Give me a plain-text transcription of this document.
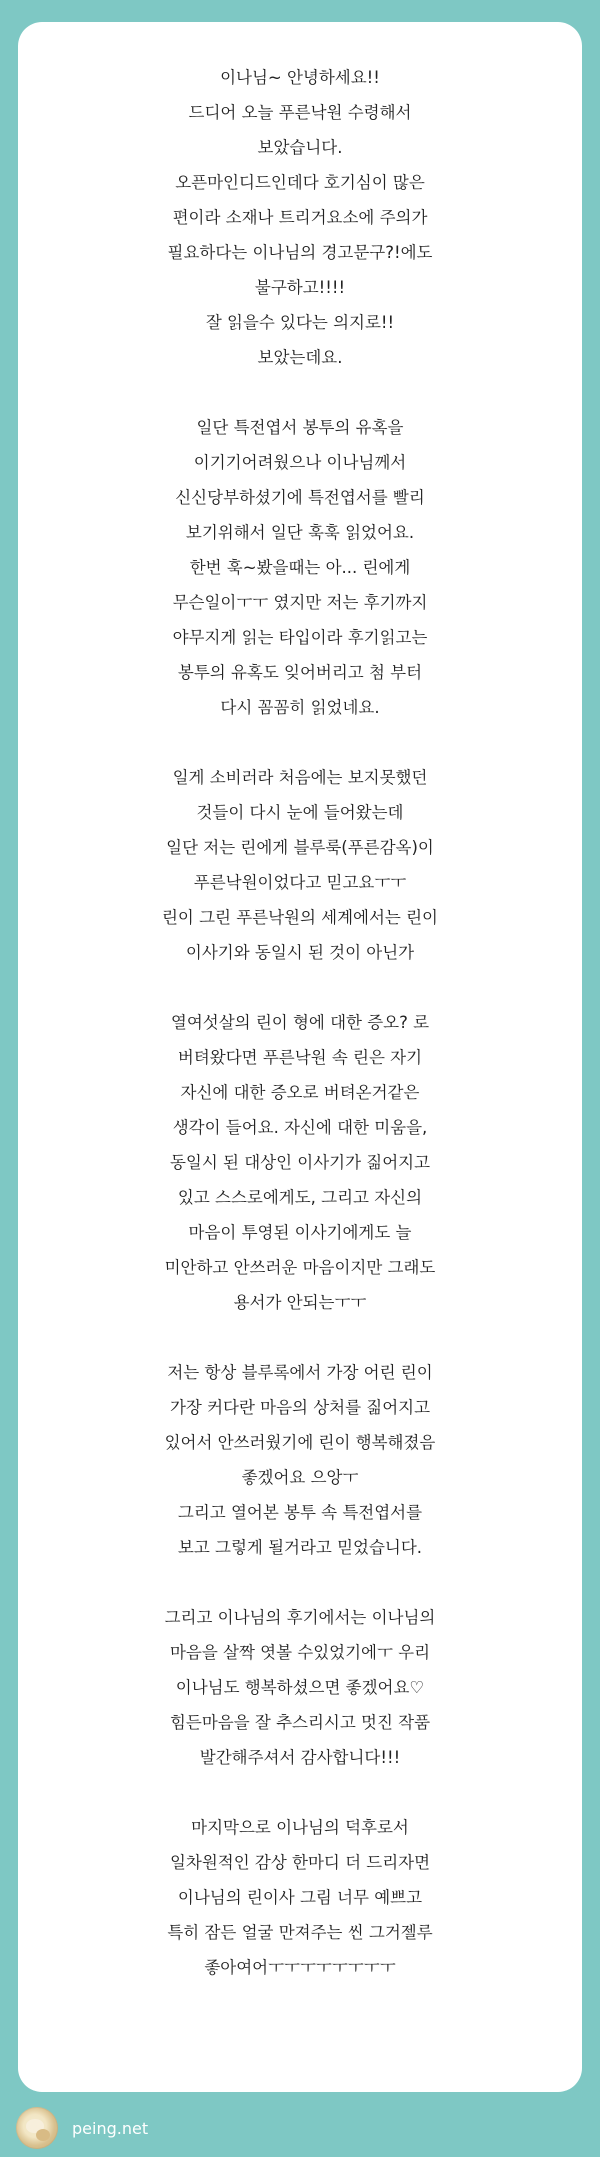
이나님~ 안녕하세요!!
드디어 오늘 푸른낙원 수령해서
보았습니다.
오픈마인디드인데다 호기심이 많은
편이라 소재나 트리거요소에 주의가
필요하다는 이나님의 경고문구?!에도
불구하고!!!!
잘 읽을수 있다는 의지로!!
보았는데요.
일단 특전엽서 봉투의 유혹을
이기기어려웠으나 이나님께서
신신당부하셨기에 특전엽서를 빨리
보기위해서 일단 훅훅 읽었어요.
한번 훅~봤을때는 아... 린에게
무슨일이ㅜㅜ 였지만 저는 후기까지
야무지게 읽는 타입이라 후기읽고는
봉투의 유혹도 잊어버리고 첨 부터
다시 꼼꼼히 읽었네요.
일게 소비러라 처음에는 보지못했던
것들이 다시 눈에 들어왔는데
일단 저는 린에게 블루룩(푸른감옥)이
푸른낙원이었다고 믿고요ㅜㅜ
린이 그린 푸른낙원의 세계에서는 린이
이사기와 동일시 된 것이 아닌가
열여섯살의 린이 형에 대한 증오? 로
버텨왔다면 푸른낙원 속 린은 자기
자신에 대한 증오로 버텨온거같은
생각이 들어요. 자신에 대한 미움을,
동일시 된 대상인 이사기가 짊어지고
있고 스스로에게도, 그리고 자신의
마음이 투영된 이사기에게도 늘
미안하고 안쓰러운 마음이지만 그래도
용서가 안되는ㅜㅜ
저는 항상 블루록에서 가장 어린 린이
가장 커다란 마음의 상처를 짊어지고
있어서 안쓰러웠기에 린이 행복해졌음
좋겠어요 으앙ㅜ
그리고 열어본 봉투 속 특전엽서를
보고 그렇게 될거라고 믿었습니다.
그리고 이나님의 후기에서는 이나님의
마음을 살짝 엿볼 수있었기에ㅜ 우리
이나님도 행복하셨으면 좋겠어요♡
힘든마음을 잘 추스리시고 멋진 작품
발간해주셔서 감사합니다!!!
마지막으로 이나님의 덕후로서
일차원적인 감상 한마디 더 드리자면
이나님의 린이사 그림 너무 예쁘고
특히 잠든 얼굴 만져주는 씬 그거젤루
좋아여어ㅜㅜㅜㅜㅜㅜㅜㅜ
peing.net
